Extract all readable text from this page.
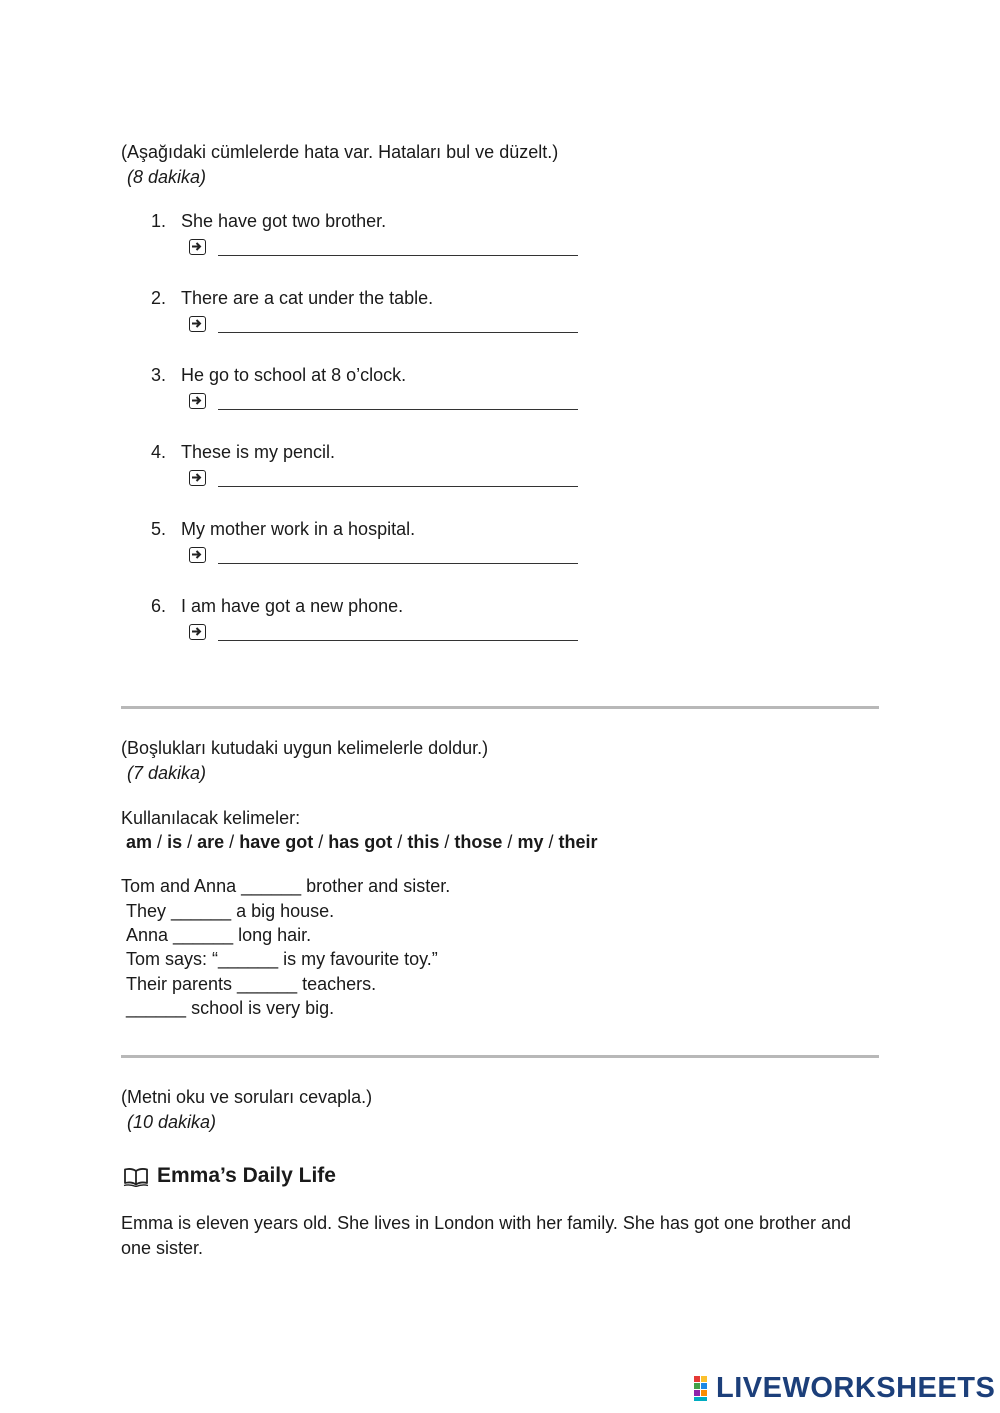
(Aşağıdaki cümlelerde hata var. Hataları bul ve düzelt.)
(8 dakika)
1. She have got two brother.
2. There are a cat under the table.
3. He go to school at 8 o’clock.
4. These is my pencil.
5. My mother work in a hospital.
6. I am have got a new phone.
(Boşlukları kutudaki uygun kelimelerle doldur.)
(7 dakika)
Kullanılacak kelimeler:
am / is / are / have got / has got / this / those / my / their
Tom and Anna ______ brother and sister.
They ______ a big house.
Anna ______ long hair.
Tom says: “______ is my favourite toy.”
Their parents ______ teachers.
______ school is very big.
(Metni oku ve soruları cevapla.)
(10 dakika)
Emma’s Daily Life
Emma is eleven years old. She lives in London with her family. She has got one brother and one sister.
LIVEWORKSHEETS
